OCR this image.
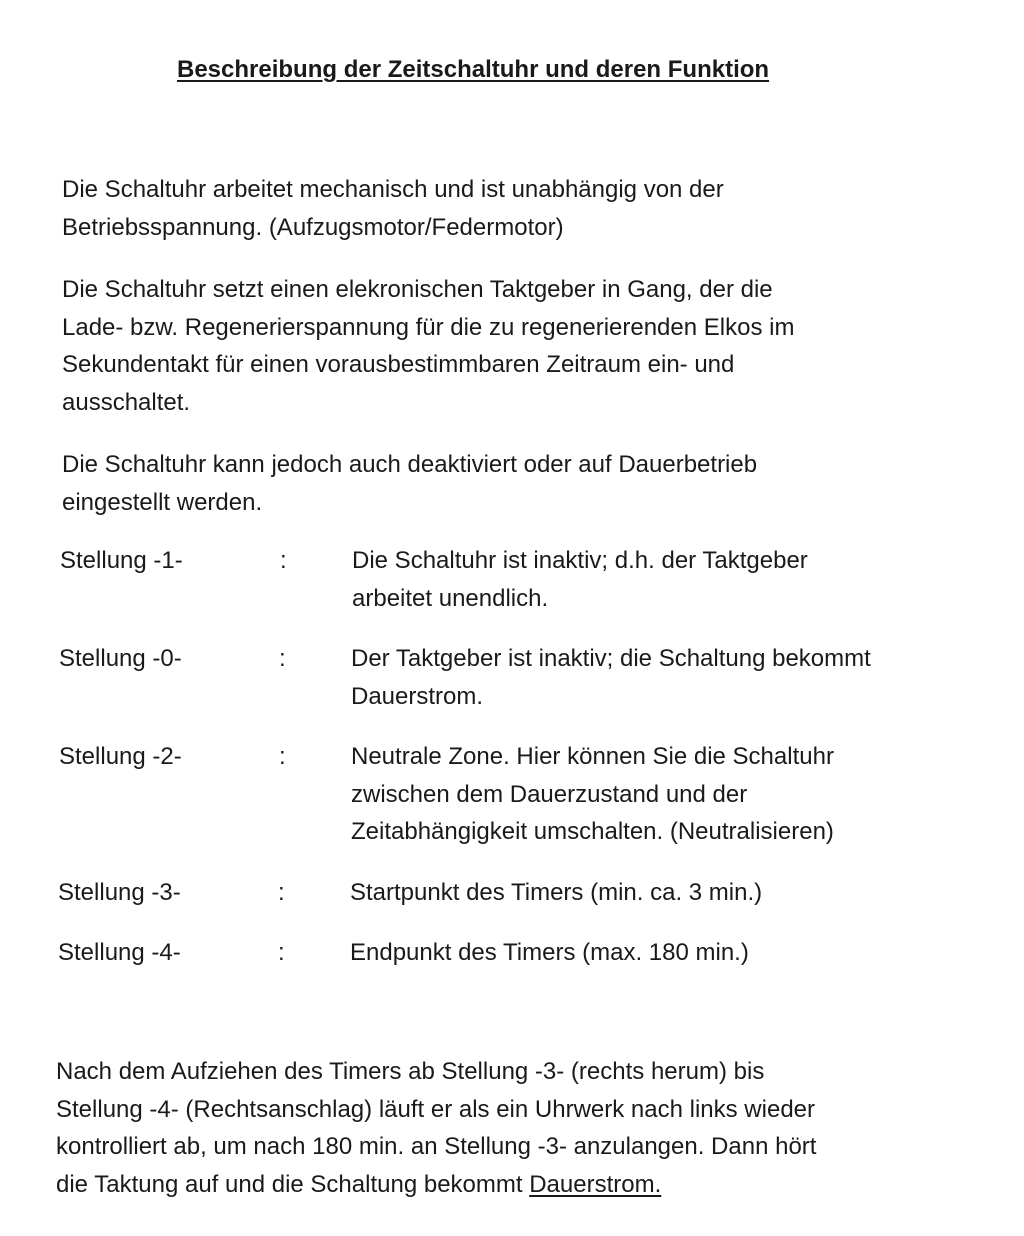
Beschreibung der Zeitschaltuhr und deren Funktion

Die Schaltuhr arbeitet mechanisch und ist unabhängig von der
Betriebsspannung. (Aufzugsmotor/Federmotor)

Die Schaltuhr setzt einen elekronischen Taktgeber in Gang, der die
Lade- bzw. Regenerierspannung für die zu regenerierenden Elkos im
Sekundentakt für einen vorausbestimmbaren Zeitraum ein- und
ausschaltet.

Die Schaltuhr kann jedoch auch deaktiviert oder auf Dauerbetrieb
eingestellt werden.

Stellung -1-	:	Die Schaltuhr ist inaktiv; d.h. der Taktgeber
arbeitet unendlich.
Stellung -0-	:	Der Taktgeber ist inaktiv; die Schaltung bekommt
Dauerstrom.
Stellung -2-	:	Neutrale Zone. Hier können Sie die Schaltuhr
zwischen dem Dauerzustand und der
Zeitabhängigkeit umschalten. (Neutralisieren)
Stellung -3-	:	Startpunkt des Timers (min. ca. 3 min.)
Stellung -4-	:	Endpunkt des Timers (max. 180 min.)

Nach dem Aufziehen des Timers ab Stellung -3- (rechts herum) bis
Stellung -4- (Rechtsanschlag) läuft er als ein Uhrwerk nach links wieder
kontrolliert ab, um nach 180 min. an Stellung -3- anzulangen. Dann hört
die Taktung auf und die Schaltung bekommt Dauerstrom.
